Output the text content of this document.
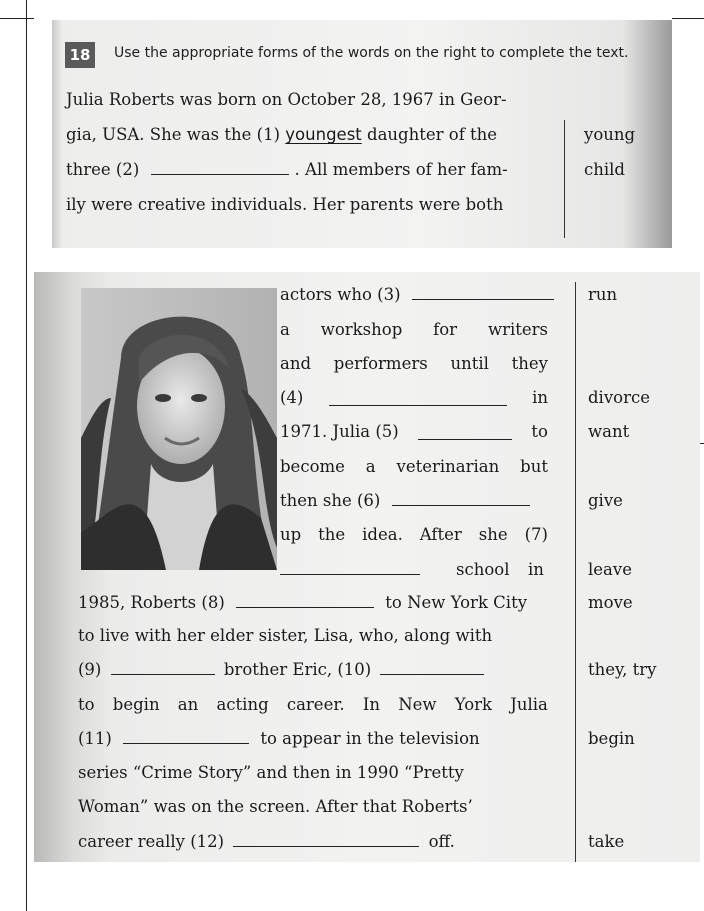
18	Use the appropriate forms of the words on the right to complete the text.
Julia Roberts was born on October 28, 1967 in Geor-
gia, USA. She was the (1) youngest daughter of the
three (2)	. All members of her fam-
ily were creative individuals. Her parents were both
young
child
actors who (3)
a workshop for writers
and performers until they
(4)	in
1971. Julia (5)	to
become a veterinarian but
then she (6)
up the idea. After she (7)
school in
1985, Roberts (8)	to New York City
to live with her elder sister, Lisa, who, along with
(9)	brother Eric, (10)
to begin an acting career. In New York Julia
(11)	to appear in the television
series “Crime Story” and then in 1990 “Pretty
Woman” was on the screen. After that Roberts’
career really (12)	off.
run
divorce
want
give
leave
move
they, try
begin
take
